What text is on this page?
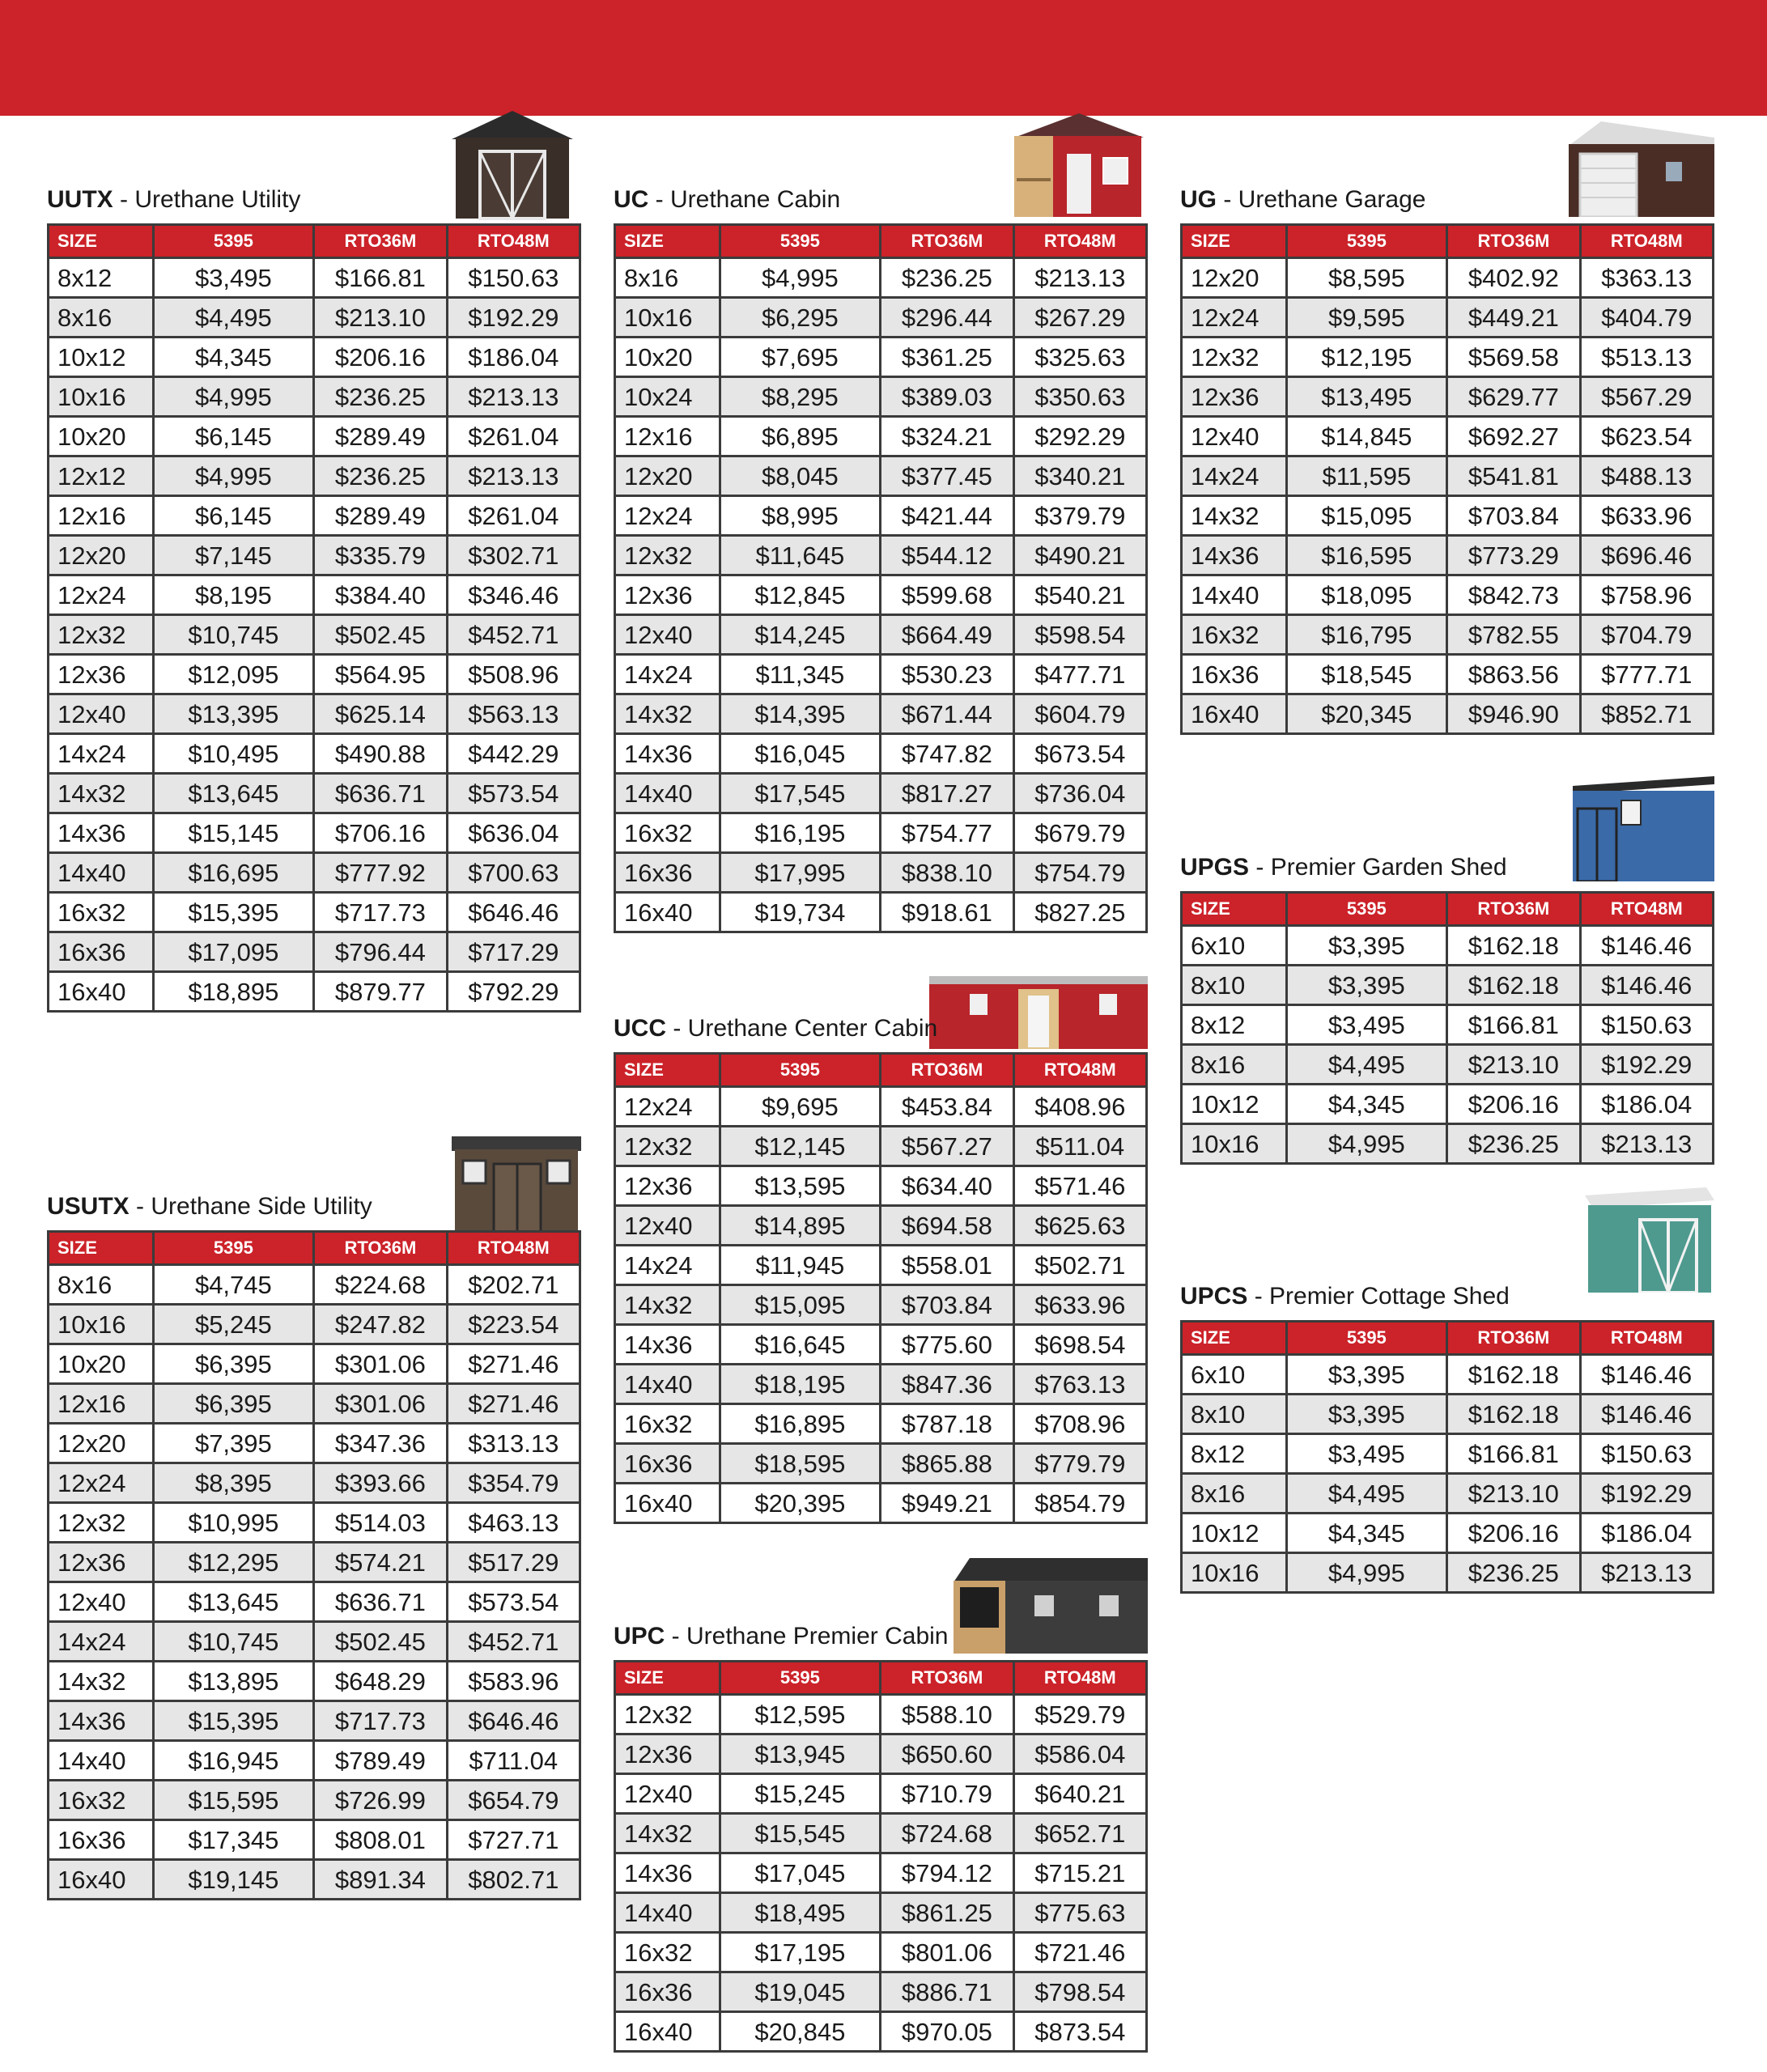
UUTX - Urethane Utility
SIZE	5395	RTO36M	RTO48M
8x12	$3,495	$166.81	$150.63
8x16	$4,495	$213.10	$192.29
10x12	$4,345	$206.16	$186.04
10x16	$4,995	$236.25	$213.13
10x20	$6,145	$289.49	$261.04
12x12	$4,995	$236.25	$213.13
12x16	$6,145	$289.49	$261.04
12x20	$7,145	$335.79	$302.71
12x24	$8,195	$384.40	$346.46
12x32	$10,745	$502.45	$452.71
12x36	$12,095	$564.95	$508.96
12x40	$13,395	$625.14	$563.13
14x24	$10,495	$490.88	$442.29
14x32	$13,645	$636.71	$573.54
14x36	$15,145	$706.16	$636.04
14x40	$16,695	$777.92	$700.63
16x32	$15,395	$717.73	$646.46
16x36	$17,095	$796.44	$717.29
16x40	$18,895	$879.77	$792.29
USUTX - Urethane Side Utility
SIZE	5395	RTO36M	RTO48M
8x16	$4,745	$224.68	$202.71
10x16	$5,245	$247.82	$223.54
10x20	$6,395	$301.06	$271.46
12x16	$6,395	$301.06	$271.46
12x20	$7,395	$347.36	$313.13
12x24	$8,395	$393.66	$354.79
12x32	$10,995	$514.03	$463.13
12x36	$12,295	$574.21	$517.29
12x40	$13,645	$636.71	$573.54
14x24	$10,745	$502.45	$452.71
14x32	$13,895	$648.29	$583.96
14x36	$15,395	$717.73	$646.46
14x40	$16,945	$789.49	$711.04
16x32	$15,595	$726.99	$654.79
16x36	$17,345	$808.01	$727.71
16x40	$19,145	$891.34	$802.71
UC - Urethane Cabin
SIZE	5395	RTO36M	RTO48M
8x16	$4,995	$236.25	$213.13
10x16	$6,295	$296.44	$267.29
10x20	$7,695	$361.25	$325.63
10x24	$8,295	$389.03	$350.63
12x16	$6,895	$324.21	$292.29
12x20	$8,045	$377.45	$340.21
12x24	$8,995	$421.44	$379.79
12x32	$11,645	$544.12	$490.21
12x36	$12,845	$599.68	$540.21
12x40	$14,245	$664.49	$598.54
14x24	$11,345	$530.23	$477.71
14x32	$14,395	$671.44	$604.79
14x36	$16,045	$747.82	$673.54
14x40	$17,545	$817.27	$736.04
16x32	$16,195	$754.77	$679.79
16x36	$17,995	$838.10	$754.79
16x40	$19,734	$918.61	$827.25
UCC - Urethane Center Cabin
SIZE	5395	RTO36M	RTO48M
12x24	$9,695	$453.84	$408.96
12x32	$12,145	$567.27	$511.04
12x36	$13,595	$634.40	$571.46
12x40	$14,895	$694.58	$625.63
14x24	$11,945	$558.01	$502.71
14x32	$15,095	$703.84	$633.96
14x36	$16,645	$775.60	$698.54
14x40	$18,195	$847.36	$763.13
16x32	$16,895	$787.18	$708.96
16x36	$18,595	$865.88	$779.79
16x40	$20,395	$949.21	$854.79
UPC - Urethane Premier Cabin
SIZE	5395	RTO36M	RTO48M
12x32	$12,595	$588.10	$529.79
12x36	$13,945	$650.60	$586.04
12x40	$15,245	$710.79	$640.21
14x32	$15,545	$724.68	$652.71
14x36	$17,045	$794.12	$715.21
14x40	$18,495	$861.25	$775.63
16x32	$17,195	$801.06	$721.46
16x36	$19,045	$886.71	$798.54
16x40	$20,845	$970.05	$873.54
UG - Urethane Garage
SIZE	5395	RTO36M	RTO48M
12x20	$8,595	$402.92	$363.13
12x24	$9,595	$449.21	$404.79
12x32	$12,195	$569.58	$513.13
12x36	$13,495	$629.77	$567.29
12x40	$14,845	$692.27	$623.54
14x24	$11,595	$541.81	$488.13
14x32	$15,095	$703.84	$633.96
14x36	$16,595	$773.29	$696.46
14x40	$18,095	$842.73	$758.96
16x32	$16,795	$782.55	$704.79
16x36	$18,545	$863.56	$777.71
16x40	$20,345	$946.90	$852.71
UPGS - Premier Garden Shed
SIZE	5395	RTO36M	RTO48M
6x10	$3,395	$162.18	$146.46
8x10	$3,395	$162.18	$146.46
8x12	$3,495	$166.81	$150.63
8x16	$4,495	$213.10	$192.29
10x12	$4,345	$206.16	$186.04
10x16	$4,995	$236.25	$213.13
UPCS - Premier Cottage Shed
SIZE	5395	RTO36M	RTO48M
6x10	$3,395	$162.18	$146.46
8x10	$3,395	$162.18	$146.46
8x12	$3,495	$166.81	$150.63
8x16	$4,495	$213.10	$192.29
10x12	$4,345	$206.16	$186.04
10x16	$4,995	$236.25	$213.13
